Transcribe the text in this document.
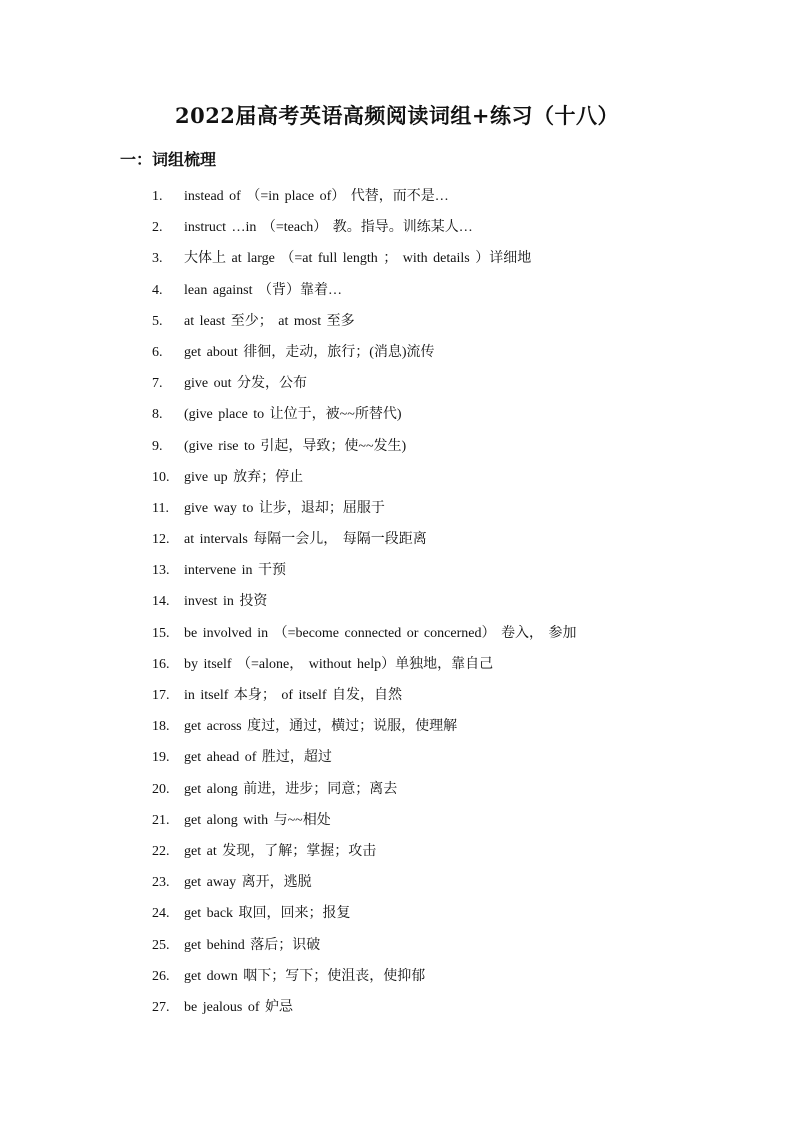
2022届高考英语高频阅读词组+练习（十八）
一：词组梳理
1. instead of （=in place of） 代替，而不是…
2. instruct …in （=teach） 教。指导。训练某人…
3. 大体上 at large （=at full length ； with details ）详细地
4. lean against （背）靠着…
5. at least 至少； at most 至多
6. get about 徘徊，走动，旅行；(消息)流传
7. give out 分发，公布
8. (give place to 让位于，被~~所替代)
9. (give rise to 引起，导致；使~~发生)
10. give up 放弃；停止
11. give way to 让步，退却；屈服于
12. at intervals 每隔一会儿， 每隔一段距离
13. intervene in 干预
14. invest in 投资
15. be involved in （=become connected or concerned） 卷入， 参加
16. by itself （=alone， without help）单独地，靠自己
17. in itself 本身； of itself 自发，自然
18. get across 度过，通过，横过；说服，使理解
19. get ahead of 胜过，超过
20. get along 前进，进步；同意；离去
21. get along with 与~~相处
22. get at 发现，了解；掌握；攻击
23. get away 离开，逃脱
24. get back 取回，回来；报复
25. get behind 落后；识破
26. get down 咽下；写下；使沮丧，使抑郁
27. be jealous of 妒忌
